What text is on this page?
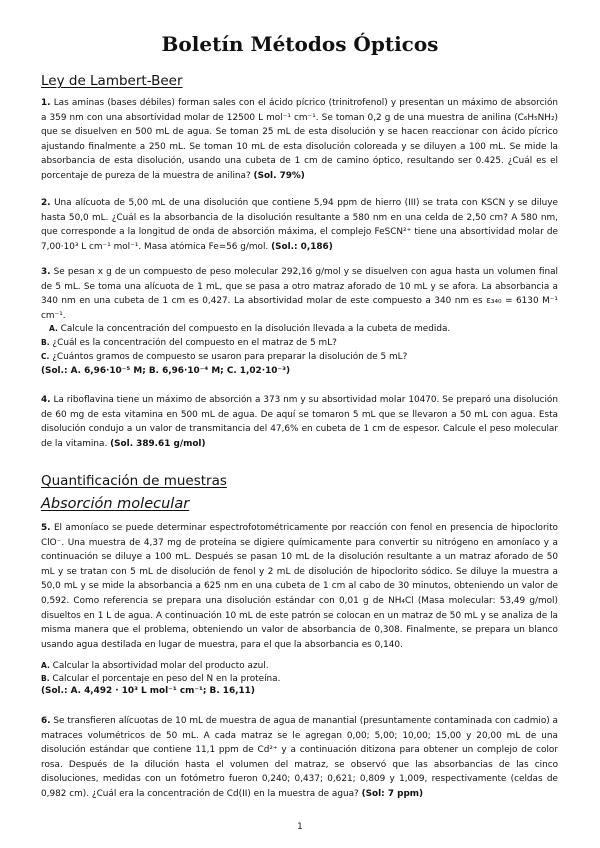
Boletín Métodos Ópticos
Ley de Lambert-Beer
1. Las aminas (bases débiles) forman sales con el ácido pícrico (trinitrofenol) y presentan un máximo de absorción a 359 nm con una absortividad molar de 12500 L mol⁻¹ cm⁻¹. Se toman 0,2 g de una muestra de anilina (C₆H₅NH₂) que se disuelven en 500 mL de agua. Se toman 25 mL de esta disolución y se hacen reaccionar con ácido pícrico ajustando finalmente a 250 mL. Se toman 10 mL de esta disolución coloreada y se diluyen a 100 mL. Se mide la absorbancia de esta disolución, usando una cubeta de 1 cm de camino óptico, resultando ser 0.425. ¿Cuál es el porcentaje de pureza de la muestra de anilina? (Sol. 79%)
2. Una alícuota de 5,00 mL de una disolución que contiene 5,94 ppm de hierro (III) se trata con KSCN y se diluye hasta 50,0 mL. ¿Cuál es la absorbancia de la disolución resultante a 580 nm en una celda de 2,50 cm? A 580 nm, que corresponde a la longitud de onda de absorción máxima, el complejo FeSCN²⁺ tiene una absortividad molar de 7,00·10³ L cm⁻¹ mol⁻¹. Masa atómica Fe=56 g/mol. (Sol.: 0,186)
3. Se pesan x g de un compuesto de peso molecular 292,16 g/mol y se disuelven con agua hasta un volumen final de 5 mL. Se toma una alícuota de 1 mL, que se pasa a otro matraz aforado de 10 mL y se afora. La absorbancia a 340 nm en una cubeta de 1 cm es 0,427. La absortividad molar de este compuesto a 340 nm es ε₃₄₀ = 6130 M⁻¹ cm⁻¹.
A. Calcule la concentración del compuesto en la disolución llevada a la cubeta de medida.
B. ¿Cuál es la concentración del compuesto en el matraz de 5 mL?
C. ¿Cuántos gramos de compuesto se usaron para preparar la disolución de 5 mL?
(Sol.: A. 6,96·10⁻⁵ M; B. 6,96·10⁻⁴ M; C. 1,02·10⁻³)
4. La riboflavina tiene un máximo de absorción a 373 nm y su absortividad molar 10470. Se preparó una disolución de 60 mg de esta vitamina en 500 mL de agua. De aquí se tomaron 5 mL que se llevaron a 50 mL con agua. Esta disolución condujo a un valor de transmitancia del 47,6% en cubeta de 1 cm de espesor. Calcule el peso molecular de la vitamina. (Sol. 389.61 g/mol)
Quantificación de muestras
Absorción molecular
5. El amoníaco se puede determinar espectrofotométricamente por reacción con fenol en presencia de hipoclorito ClO⁻. Una muestra de 4,37 mg de proteína se digiere químicamente para convertir su nitrógeno en amoníaco y a continuación se diluye a 100 mL. Después se pasan 10 mL de la disolución resultante a un matraz aforado de 50 mL y se tratan con 5 mL de disolución de fenol y 2 mL de disolución de hipoclorito sódico. Se diluye la muestra a 50,0 mL y se mide la absorbancia a 625 nm en una cubeta de 1 cm al cabo de 30 minutos, obteniendo un valor de 0,592. Como referencia se prepara una disolución estándar con 0,01 g de NH₄Cl (Masa molecular: 53,49 g/mol) disueltos en 1 L de agua. A continuación 10 mL de este patrón se colocan en un matraz de 50 mL y se analiza de la misma manera que el problema, obteniendo un valor de absorbancia de 0,308. Finalmente, se prepara un blanco usando agua destilada en lugar de muestra, para el que la absorbancia es 0,140.
A. Calcular la absortividad molar del producto azul.
B. Calcular el porcentaje en peso del N en la proteína.
(Sol.: A. 4,492 · 10³ L mol⁻¹ cm⁻¹; B. 16,11)
6. Se transfieren alícuotas de 10 mL de muestra de agua de manantial (presuntamente contaminada con cadmio) a matraces volumétricos de 50 mL. A cada matraz se le agregan 0,00; 5,00; 10,00; 15,00 y 20,00 mL de una disolución estándar que contiene 11,1 ppm de Cd²⁺ y a continuación ditizona para obtener un complejo de color rosa. Después de la dilución hasta el volumen del matraz, se observó que las absorbancias de las cinco disoluciones, medidas con un fotómetro fueron 0,240; 0,437; 0,621; 0,809 y 1,009, respectivamente (celdas de 0,982 cm). ¿Cuál era la concentración de Cd(II) en la muestra de agua? (Sol: 7 ppm)
1
